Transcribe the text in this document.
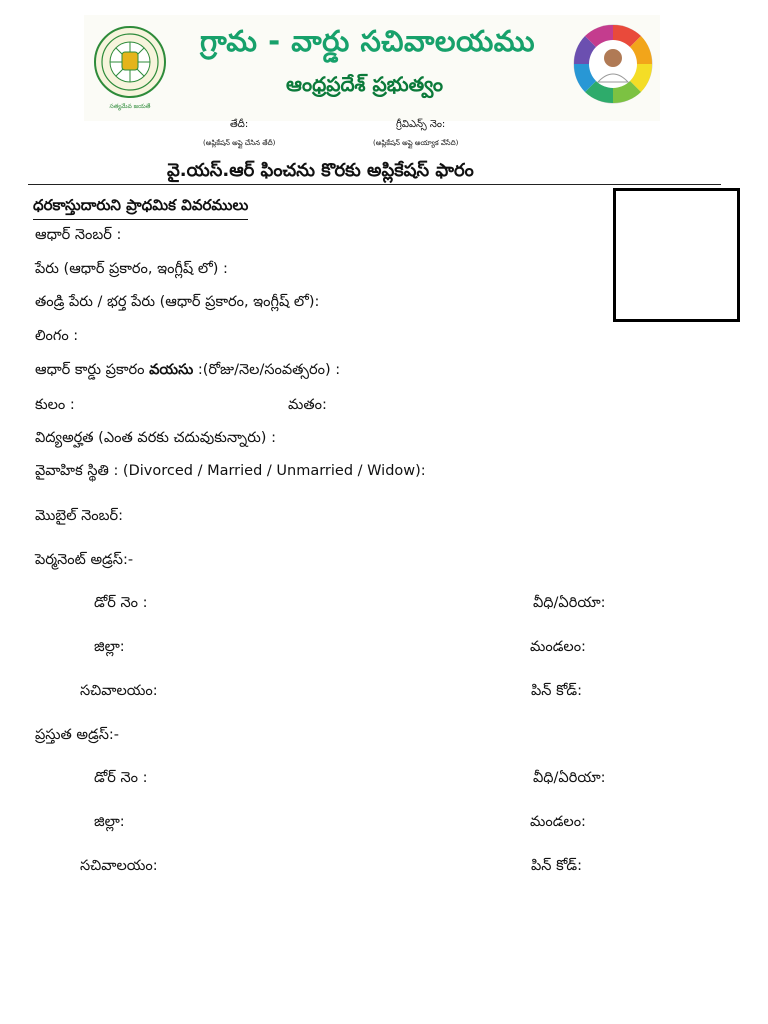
సత్యమేవ జయతే
గ్రామ - వార్డు సచివాలయము
ఆంధ్రప్రదేశ్ ప్రభుత్వం
తేదీ:
(అప్లికేషన్ అప్లై చేసిన తేదీ)
గ్రీవిఎన్స్ నెం:
(అప్లికేషన్ అప్లై అయ్యాక వేసేది)
వై.యస్.ఆర్ ఫించను కొరకు అప్లికేషస్ ఫారం
ధరకాస్తుదారుని ప్రాధమిక వివరములు
ఆధార్ నెంబర్ :
పేరు (ఆధార్ ప్రకారం, ఇంగ్లీష్ లో) :
తండ్రి పేరు / భర్త పేరు (ఆధార్ ప్రకారం, ఇంగ్లీష్ లో):
లింగం :
ఆధార్ కార్డు ప్రకారం వయసు :(రోజు/నెల/సంవత్సరం) :
కులం :	మతం:
విద్యఅర్హత (ఎంత వరకు చదువుకున్నారు) :
వైవాహిక స్థితి : (Divorced / Married / Unmarried / Widow):
మొబైల్ నెంబర్:
పెర్మనెంట్ అడ్రస్:-
డోర్ నెం :	వీధి/ఏరియా:
జిల్లా:	మండలం:
సచివాలయం:	పిన్ కోడ్:
ప్రస్తుత అడ్రస్:-
డోర్ నెం :	వీధి/ఏరియా:
జిల్లా:	మండలం:
సచివాలయం:	పిన్ కోడ్:
